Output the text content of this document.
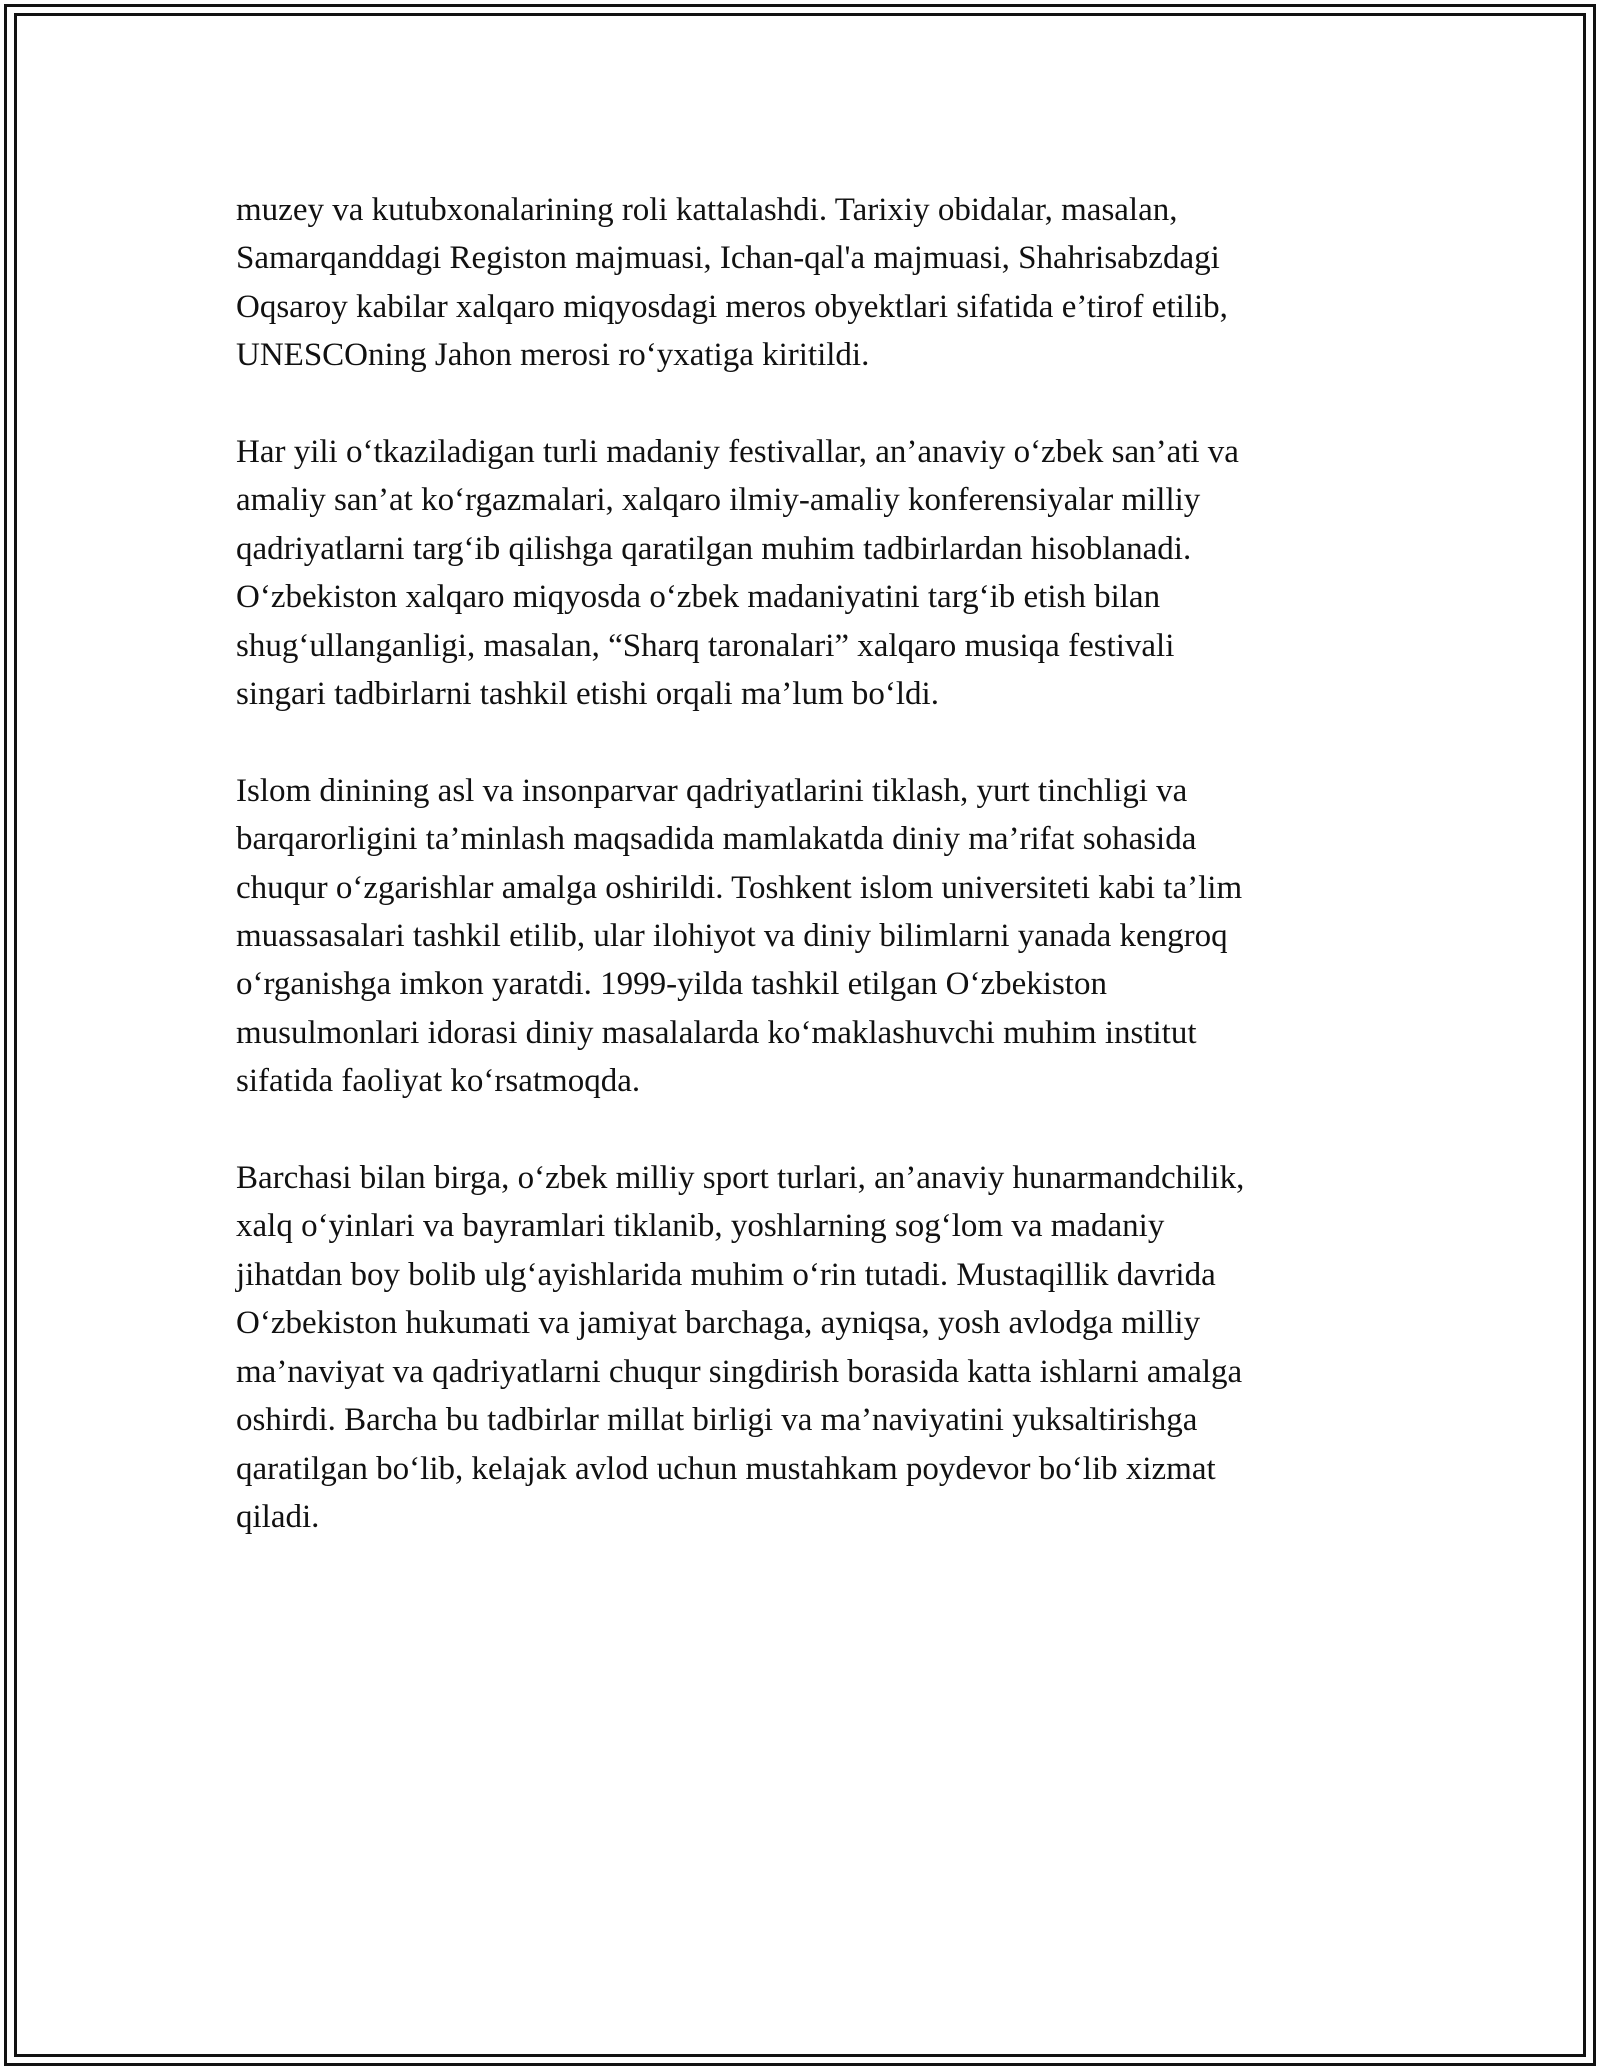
muzey va kutubxonalarining roli kattalashdi. Tarixiy obidalar, masalan,
Samarqanddagi Registon majmuasi, Ichan-qal'a majmuasi, Shahrisabzdagi
Oqsaroy kabilar xalqaro miqyosdagi meros obyektlari sifatida e’tirof etilib,
UNESCOning Jahon merosi ro‘yxatiga kiritildi.

Har yili o‘tkaziladigan turli madaniy festivallar, an’anaviy o‘zbek san’ati va
amaliy san’at ko‘rgazmalari, xalqaro ilmiy-amaliy konferensiyalar milliy
qadriyatlarni targ‘ib qilishga qaratilgan muhim tadbirlardan hisoblanadi.
O‘zbekiston xalqaro miqyosda o‘zbek madaniyatini targ‘ib etish bilan
shug‘ullanganligi, masalan, “Sharq taronalari” xalqaro musiqa festivali
singari tadbirlarni tashkil etishi orqali ma’lum bo‘ldi.

Islom dinining asl va insonparvar qadriyatlarini tiklash, yurt tinchligi va
barqarorligini ta’minlash maqsadida mamlakatda diniy ma’rifat sohasida
chuqur o‘zgarishlar amalga oshirildi. Toshkent islom universiteti kabi ta’lim
muassasalari tashkil etilib, ular ilohiyot va diniy bilimlarni yanada kengroq
o‘rganishga imkon yaratdi. 1999-yilda tashkil etilgan O‘zbekiston
musulmonlari idorasi diniy masalalarda ko‘maklashuvchi muhim institut
sifatida faoliyat ko‘rsatmoqda.

Barchasi bilan birga, o‘zbek milliy sport turlari, an’anaviy hunarmandchilik,
xalq o‘yinlari va bayramlari tiklanib, yoshlarning sog‘lom va madaniy
jihatdan boy bolib ulg‘ayishlarida muhim o‘rin tutadi. Mustaqillik davrida
O‘zbekiston hukumati va jamiyat barchaga, ayniqsa, yosh avlodga milliy
ma’naviyat va qadriyatlarni chuqur singdirish borasida katta ishlarni amalga
oshirdi. Barcha bu tadbirlar millat birligi va ma’naviyatini yuksaltirishga
qaratilgan bo‘lib, kelajak avlod uchun mustahkam poydevor bo‘lib xizmat
qiladi.
